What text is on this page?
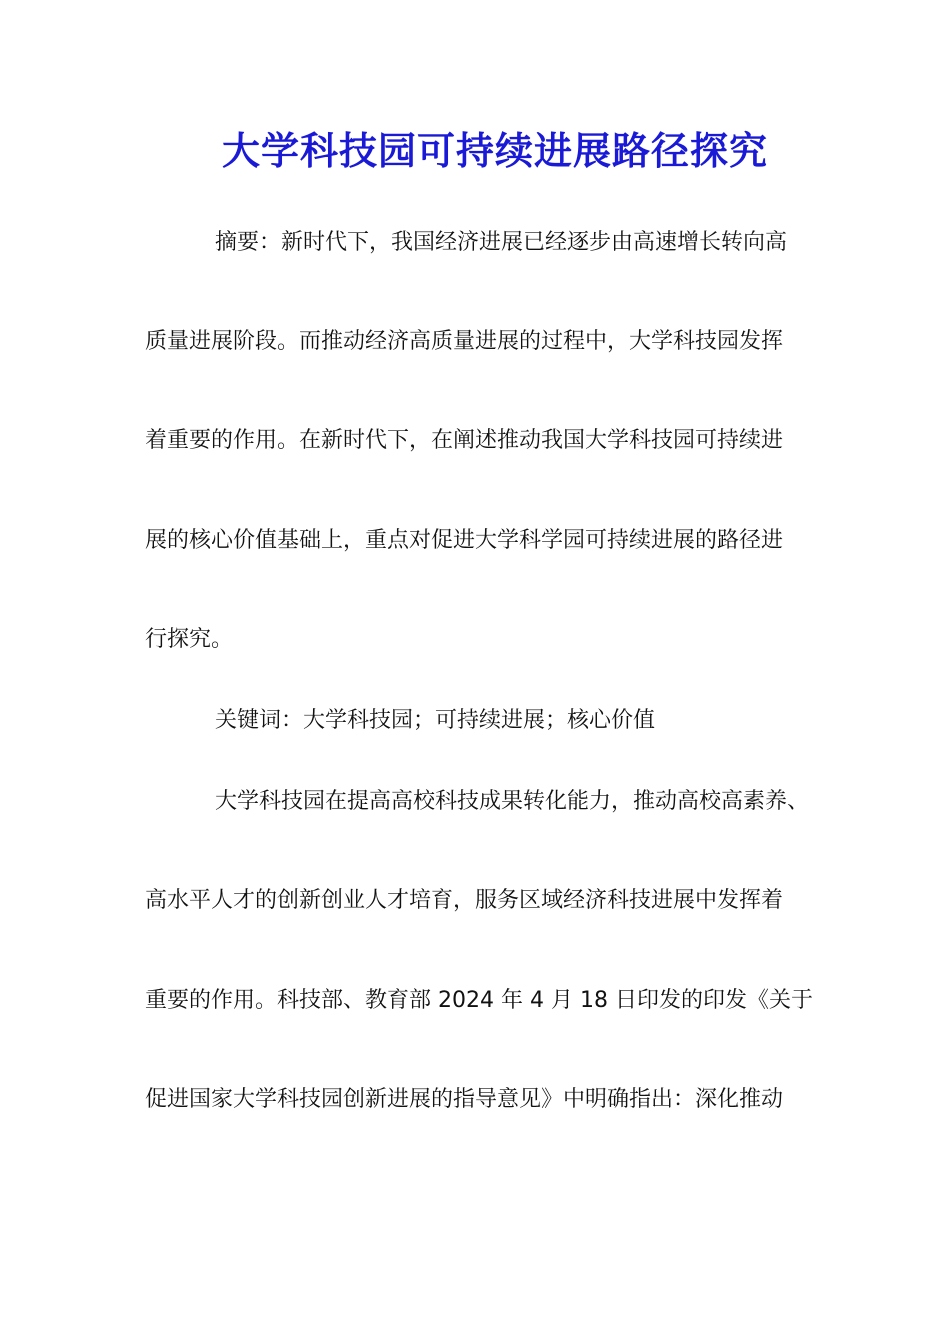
大学科技园可持续进展路径探究
摘要：新时代下，我国经济进展已经逐步由高速增长转向高
质量进展阶段。而推动经济高质量进展的过程中，大学科技园发挥
着重要的作用。在新时代下，在阐述推动我国大学科技园可持续进
展的核心价值基础上，重点对促进大学科学园可持续进展的路径进
行探究。
关键词：大学科技园；可持续进展；核心价值
大学科技园在提高高校科技成果转化能力，推动高校高素养、
高水平人才的创新创业人才培育，服务区域经济科技进展中发挥着
重要的作用。科技部、教育部 2024 年 4 月 18 日印发的印发《关于
促进国家大学科技园创新进展的指导意见》中明确指出：深化推动
